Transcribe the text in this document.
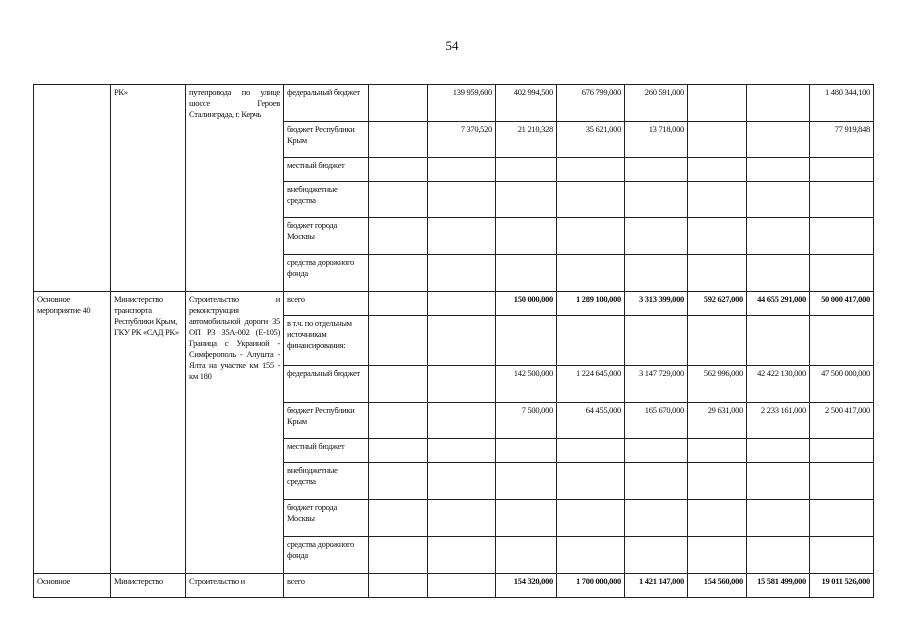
54
	РК»	путепровода по улице шоссе Героев Сталинграда, г. Керчь	федеральный бюджет		139 959,600	402 994,500	676 799,000	260 591,000			1 480 344,100
			бюджет Республики Крым		7 370,520	21 210,328	35 621,000	13 718,000			77 919,848
			местный бюджет								
			внебюджетные средства								
			бюджет города Москвы								
			средства дорожного фонда								
Основное мероприятие 40	Министерство транспорта Республики Крым, ГКУ РК «САД РК»	Строительство и реконструкция автомобильной дороги 35 ОП Р3 35А-002 (Е-105) Граница с Украиной - Симферополь - Алушта - Ялта на участке км 155 - км 180	всего			150 000,000	1 289 100,000	3 313 399,000	592 627,000	44 655 291,000	50 000 417,000
			в т.ч. по отдельным источникам финансирования:								
			федеральный бюджет			142 500,000	1 224 645,000	3 147 729,000	562 996,000	42 422 130,000	47 500 000,000
			бюджет Республики Крым			7 500,000	64 455,000	165 670,000	29 631,000	2 233 161,000	2 500 417,000
			местный бюджет								
			внебюджетные средства								
			бюджет города Москвы								
			средства дорожного фонда								
Основное	Министерство	Строительство и	всего			154 320,000	1 700 000,000	1 421 147,000	154 560,000	15 581 499,000	19 011 526,000
